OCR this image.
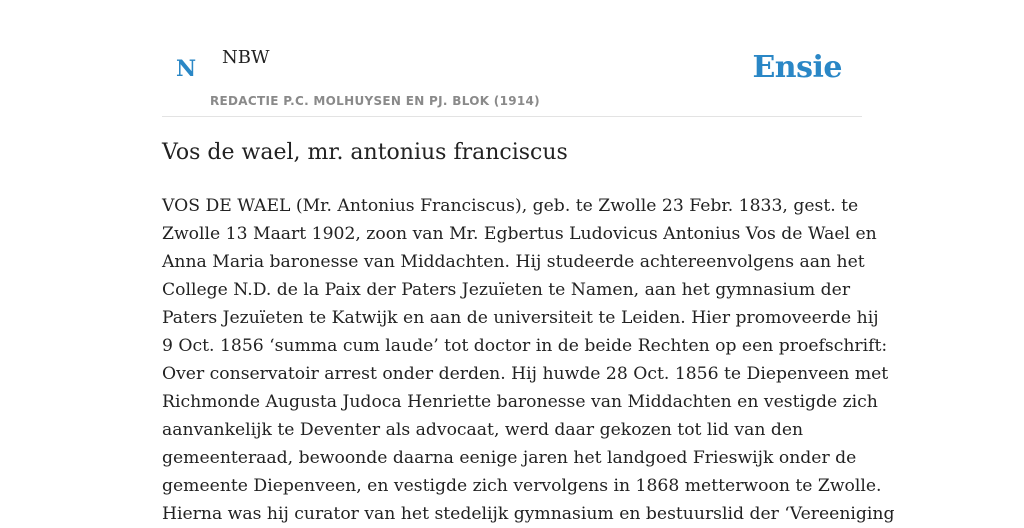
N NBW
REDACTIE P.C. MOLHUYSEN EN PJ. BLOK (1914)
Ensie
Vos de wael, mr. antonius franciscus

VOS DE WAEL (Mr. Antonius Franciscus), geb. te Zwolle 23 Febr. 1833, gest. te
Zwolle 13 Maart 1902, zoon van Mr. Egbertus Ludovicus Antonius Vos de Wael en
Anna Maria baronesse van Middachten. Hij studeerde achtereenvolgens aan het
College N.D. de la Paix der Paters Jezuïeten te Namen, aan het gymnasium der
Paters Jezuïeten te Katwijk en aan de universiteit te Leiden. Hier promoveerde hij
9 Oct. 1856 ‘summa cum laude’ tot doctor in de beide Rechten op een proefschrift:
Over conservatoir arrest onder derden. Hij huwde 28 Oct. 1856 te Diepenveen met
Richmonde Augusta Judoca Henriette baronesse van Middachten en vestigde zich
aanvankelijk te Deventer als advocaat, werd daar gekozen tot lid van den
gemeenteraad, bewoonde daarna eenige jaren het landgoed Frieswijk onder de
gemeente Diepenveen, en vestigde zich vervolgens in 1868 metterwoon te Zwolle.
Hierna was hij curator van het stedelijk gymnasium en bestuurslid der ‘Vereeniging
